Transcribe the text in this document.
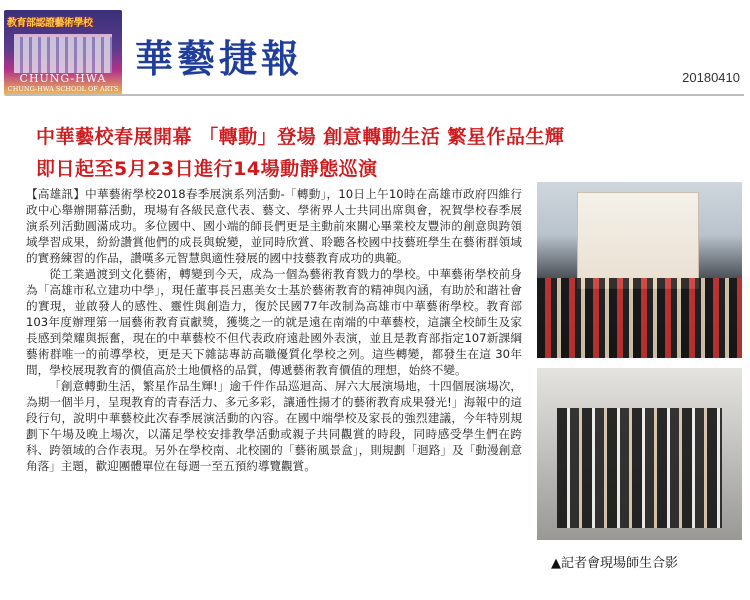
教育部認證藝術學校
CHUNG-HWA
CHUNG-HWA SCHOOL OF ARTS
華藝捷報	20180410
中華藝校春展開幕 「轉動」登場 創意轉動生活 繁星作品生輝
即日起至5月23日進行14場動靜態巡演

【高雄訊】中華藝術學校2018春季展演系列活動-「轉動」，10日上午10時在高雄市政府四維行政中心舉辦開幕活動，現場有各級民意代表、藝文、學術界人士共同出席與會，祝賀學校春季展演系列活動圓滿成功。多位國中、國小端的師長們更是主動前來關心畢業校友豐沛的創意與跨領域學習成果，紛紛讚賞他們的成長與蛻變，並同時欣賞、聆聽各校國中技藝班學生在藝術群領域的實務練習的作品，讚嘆多元智慧與適性發展的國中技藝教育成功的典範。

從工業過渡到文化藝術，轉變到今天，成為一個為藝術教育戮力的學校。中華藝術學校前身為「高雄市私立建功中學」，現任董事長呂惠美女士基於藝術教育的精神與內涵，有助於和諧社會的實現，並啟發人的感性、靈性與創造力，復於民國77年改制為高雄市中華藝術學校。教育部103年度辦理第一屆藝術教育貢獻獎，獲獎之一的就是遠在南端的中華藝校，這讓全校師生及家長感到榮耀與振奮，現在的中華藝校不但代表政府遠赴國外表演，並且是教育部指定107新課綱藝術群唯一的前導學校，更是天下雜誌專訪高職優質化學校之列。這些轉變，都發生在這 30年間，學校展現教育的價值高於土地價格的品質，傳遞藝術教育價值的理想，始終不變。

「創意轉動生活，繁星作品生輝!」逾千件作品巡迴高、屏六大展演場地，十四個展演場次，為期一個半月，呈現教育的青春活力、多元多彩，讓通性揚才的藝術教育成果發光!」海報中的這段行句，說明中華藝校此次春季展演活動的內容。在國中端學校及家長的強烈建議，今年特別規劃下午場及晚上場次，以滿足學校安排教學活動或親子共同觀賞的時段，同時感受學生們在跨科、跨領域的合作表現。另外在學校南、北校園的「藝術風景盒」，則規劃「迴路」及「動漫創意角落」主題，歡迎團體單位在每週一至五預約導覽觀賞。

▲記者會現場師生合影
